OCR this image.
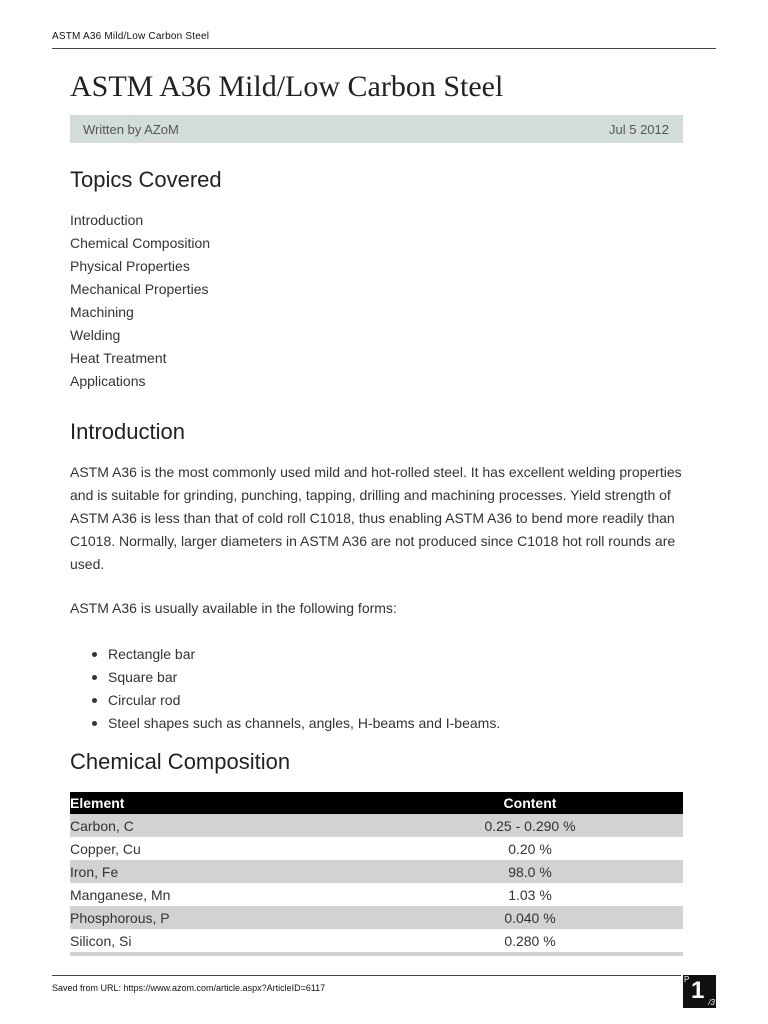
ASTM A36 Mild/Low Carbon Steel
ASTM A36 Mild/Low Carbon Steel
Written by AZoM	Jul 5 2012
Topics Covered
Introduction
Chemical Composition
Physical Properties
Mechanical Properties
Machining
Welding
Heat Treatment
Applications
Introduction

ASTM A36 is the most commonly used mild and hot-rolled steel. It has excellent welding properties and is suitable for grinding, punching, tapping, drilling and machining processes. Yield strength of ASTM A36 is less than that of cold roll C1018, thus enabling ASTM A36 to bend more readily than C1018. Normally, larger diameters in ASTM A36 are not produced since C1018 hot roll rounds are used.

ASTM A36 is usually available in the following forms:

Rectangle bar
Square bar
Circular rod
Steel shapes such as channels, angles, H-beams and I-beams.
Chemical Composition
Element	Content
Carbon, C	0.25 - 0.290 %
Copper, Cu	0.20 %
Iron, Fe	98.0 %
Manganese, Mn	1.03 %
Phosphorous, P	0.040 %
Silicon, Si	0.280 %
Saved from URL: https://www.azom.com/article.aspx?ArticleID=6117
P 1 /3
